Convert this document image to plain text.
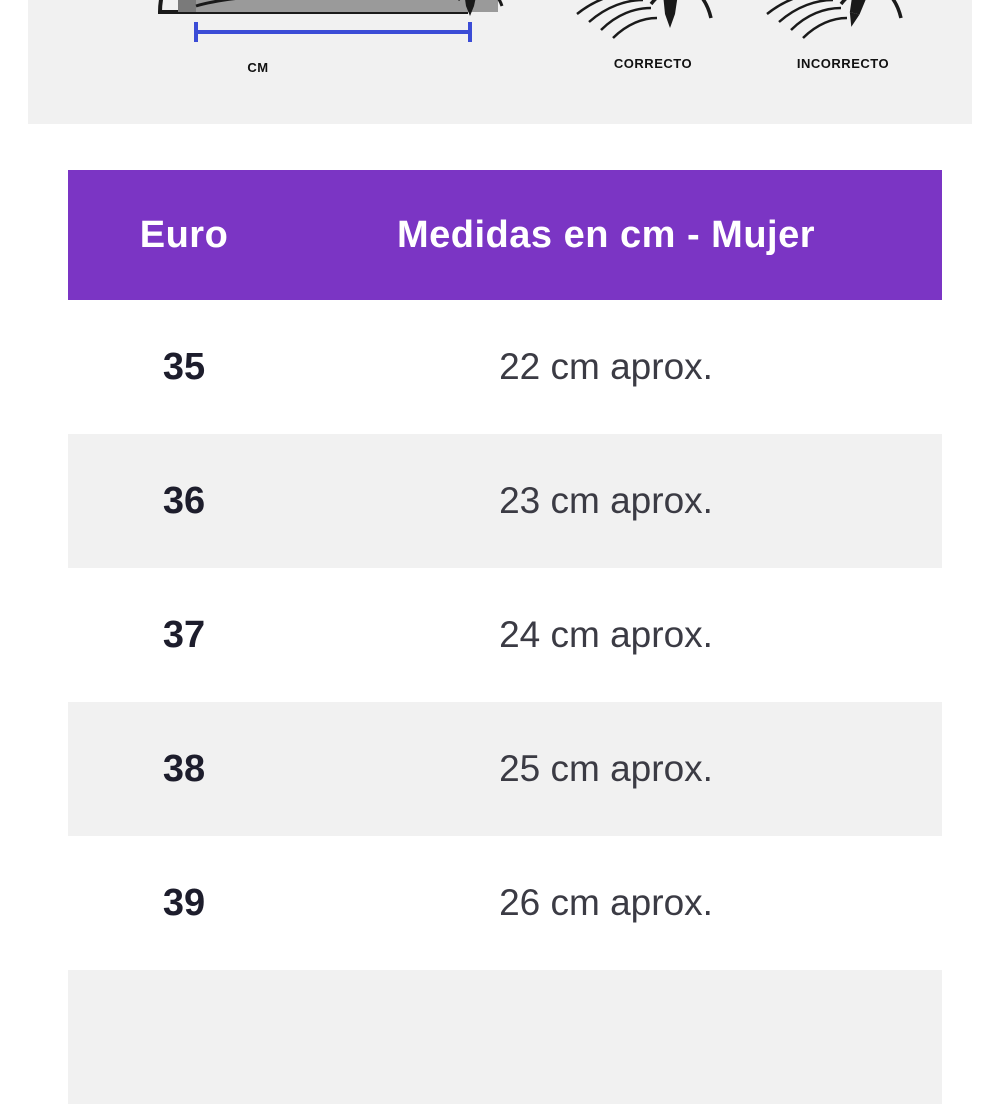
CM	CORRECTO	INCORRECTO
Euro	Medidas en cm - Mujer
35	22 cm aprox.
36	23 cm aprox.
37	24 cm aprox.
38	25 cm aprox.
39	26 cm aprox.
